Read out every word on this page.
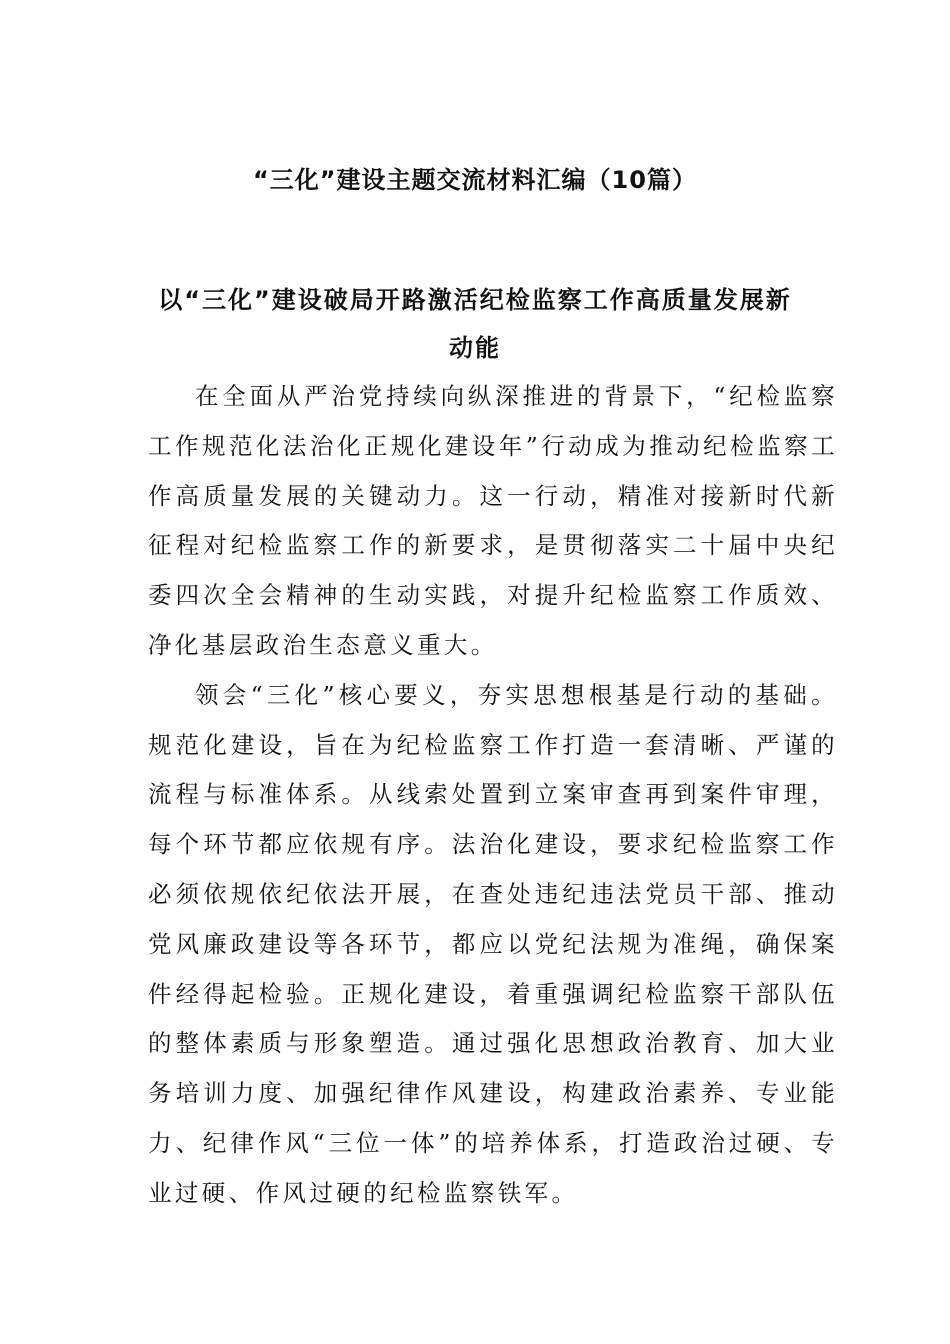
“三化”建设主题交流材料汇编（10篇）
以“三化”建设破局开路激活纪检监察工作高质量发展新动能

在全面从严治党持续向纵深推进的背景下，“纪检监察工作规范化法治化正规化建设年”行动成为推动纪检监察工作高质量发展的关键动力。这一行动，精准对接新时代新征程对纪检监察工作的新要求，是贯彻落实二十届中央纪委四次全会精神的生动实践，对提升纪检监察工作质效、净化基层政治生态意义重大。

领会“三化”核心要义，夯实思想根基是行动的基础。规范化建设，旨在为纪检监察工作打造一套清晰、严谨的流程与标准体系。从线索处置到立案审查再到案件审理，每个环节都应依规有序。法治化建设，要求纪检监察工作必须依规依纪依法开展，在查处违纪违法党员干部、推动党风廉政建设等各环节，都应以党纪法规为准绳，确保案件经得起检验。正规化建设，着重强调纪检监察干部队伍的整体素质与形象塑造。通过强化思想政治教育、加大业务培训力度、加强纪律作风建设，构建政治素养、专业能力、纪律作风“三位一体”的培养体系，打造政治过硬、专业过硬、作风过硬的纪检监察铁军。
